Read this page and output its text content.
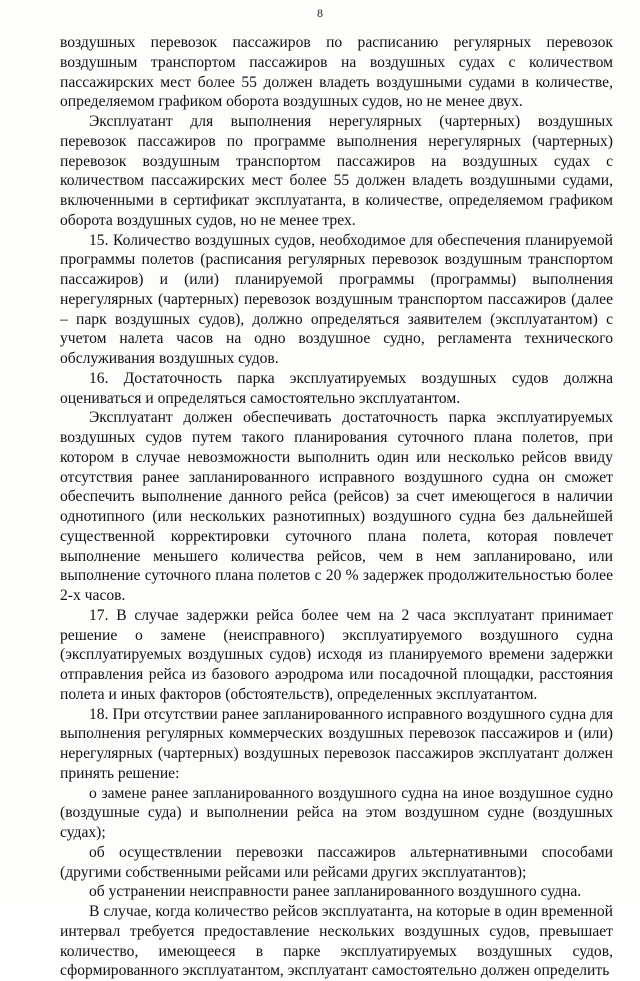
8

воздушных перевозок пассажиров по расписанию регулярных перевозок воздушным транспортом пассажиров на воздушных судах с количеством пассажирских мест более 55 должен владеть воздушными судами в количестве, определяемом графиком оборота воздушных судов, но не менее двух.

Эксплуатант для выполнения нерегулярных (чартерных) воздушных перевозок пассажиров по программе выполнения нерегулярных (чартерных) перевозок воздушным транспортом пассажиров на воздушных судах с количеством пассажирских мест более 55 должен владеть воздушными судами, включенными в сертификат эксплуатанта, в количестве, определяемом графиком оборота воздушных судов, но не менее трех.

15. Количество воздушных судов, необходимое для обеспечения планируемой программы полетов (расписания регулярных перевозок воздушным транспортом пассажиров) и (или) планируемой программы (программы) выполнения нерегулярных (чартерных) перевозок воздушным транспортом пассажиров (далее – парк воздушных судов), должно определяться заявителем (эксплуатантом) с учетом налета часов на одно воздушное судно, регламента технического обслуживания воздушных судов.

16. Достаточность парка эксплуатируемых воздушных судов должна оцениваться и определяться самостоятельно эксплуатантом.

Эксплуатант должен обеспечивать достаточность парка эксплуатируемых воздушных судов путем такого планирования суточного плана полетов, при котором в случае невозможности выполнить один или несколько рейсов ввиду отсутствия ранее запланированного исправного воздушного судна он сможет обеспечить выполнение данного рейса (рейсов) за счет имеющегося в наличии однотипного (или нескольких разнотипных) воздушного судна без дальнейшей существенной корректировки суточного плана полета, которая повлечет выполнение меньшего количества рейсов, чем в нем запланировано, или выполнение суточного плана полетов с 20 % задержек продолжительностью более 2-х часов.

17. В случае задержки рейса более чем на 2 часа эксплуатант принимает решение о замене (неисправного) эксплуатируемого воздушного судна (эксплуатируемых воздушных судов) исходя из планируемого времени задержки отправления рейса из базового аэродрома или посадочной площадки, расстояния полета и иных факторов (обстоятельств), определенных эксплуатантом.

18. При отсутствии ранее запланированного исправного воздушного судна для выполнения регулярных коммерческих воздушных перевозок пассажиров и (или) нерегулярных (чартерных) воздушных перевозок пассажиров эксплуатант должен принять решение:

о замене ранее запланированного воздушного судна на иное воздушное судно (воздушные суда) и выполнении рейса на этом воздушном судне (воздушных судах);

об осуществлении перевозки пассажиров альтернативными способами (другими собственными рейсами или рейсами других эксплуатантов);

об устранении неисправности ранее запланированного воздушного судна.

В случае, когда количество рейсов эксплуатанта, на которые в один временной интервал требуется предоставление нескольких воздушных судов, превышает количество, имеющееся в парке эксплуатируемых воздушных судов, сформированного эксплуатантом, эксплуатант самостоятельно должен определить
